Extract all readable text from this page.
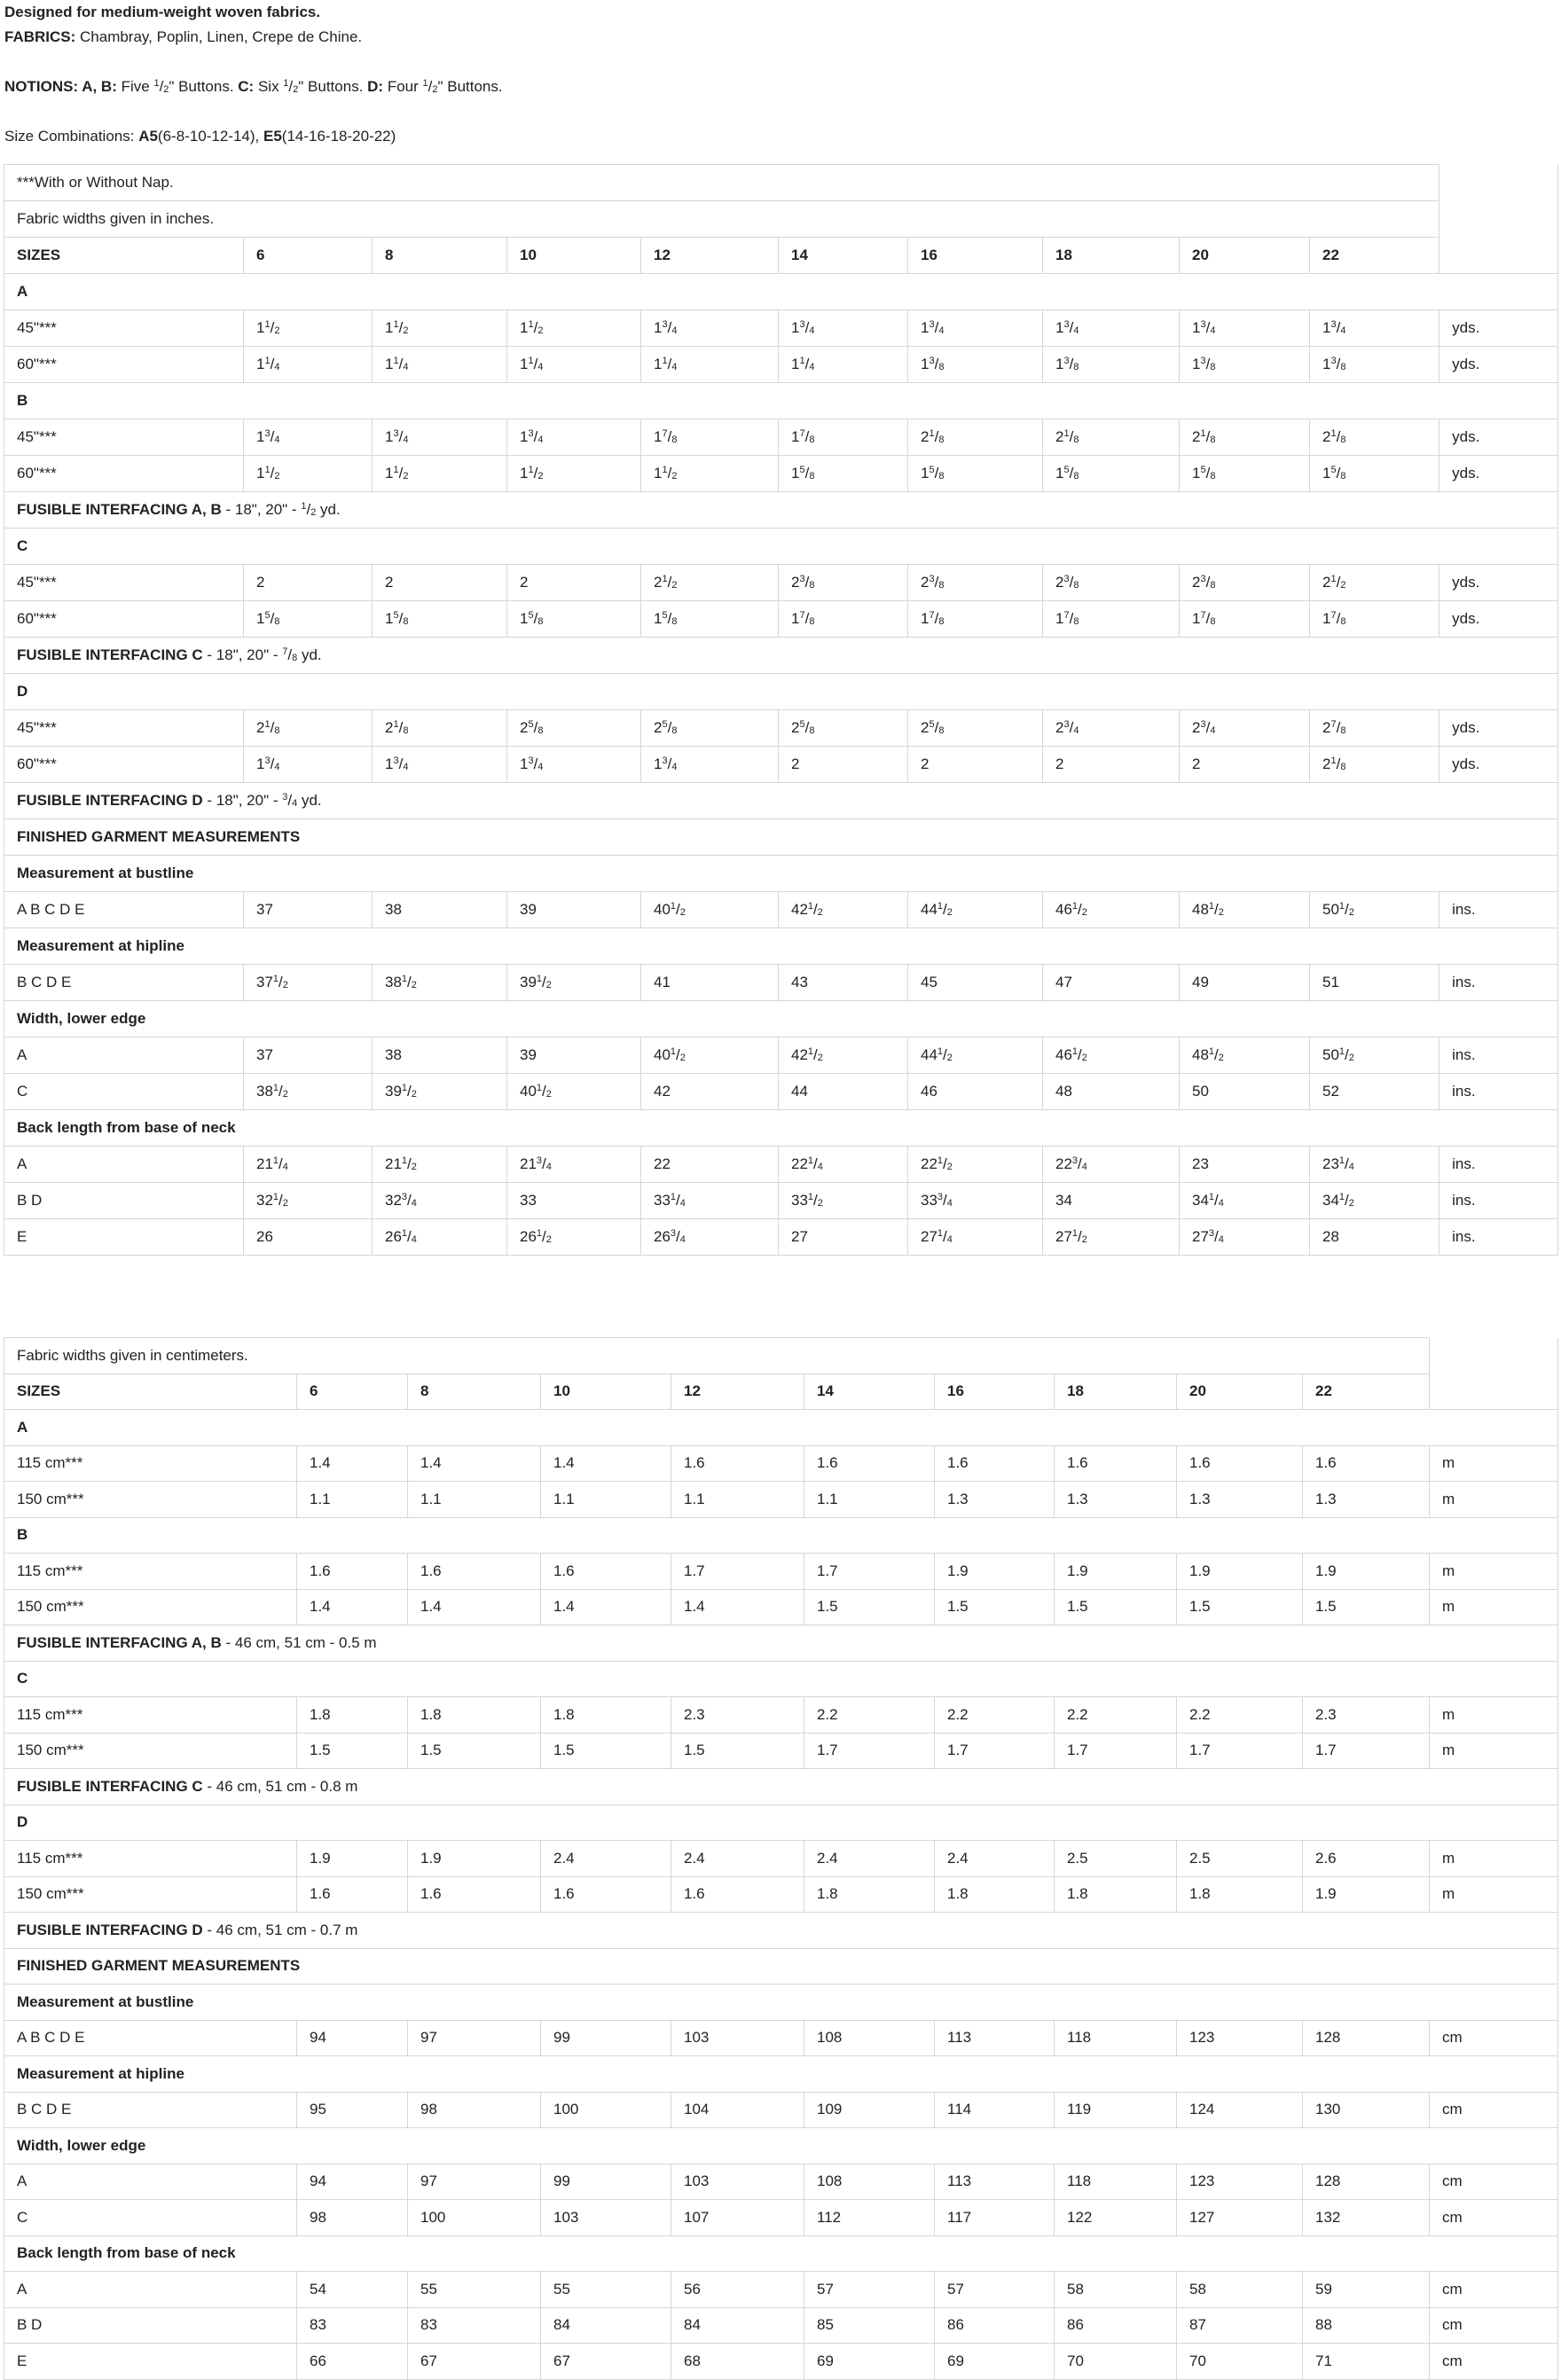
Designed for medium-weight woven fabrics.

FABRICS: Chambray, Poplin, Linen, Crepe de Chine.

NOTIONS: A, B: Five $^1/_2$" Buttons. C: Six $^1/_2$" Buttons. D: Four $^1/_2$" Buttons.

Size Combinations: A5(6-8-10-12-14), E5(14-16-18-20-22)

***With or Without Nap.										
Fabric widths given in inches.										
SIZES	6	8	10	12	14	16	18	20	22	
A										
45"***	$1^1/_2$	$1^1/_2$	$1^1/_2$	$1^3/_4$	$1^3/_4$	$1^3/_4$	$1^3/_4$	$1^3/_4$	$1^3/_4$	yds.
60"***	$1^1/_4$	$1^1/_4$	$1^1/_4$	$1^1/_4$	$1^1/_4$	$1^3/_8$	$1^3/_8$	$1^3/_8$	$1^3/_8$	yds.
B										
45"***	$1^3/_4$	$1^3/_4$	$1^3/_4$	$1^7/_8$	$1^7/_8$	$2^1/_8$	$2^1/_8$	$2^1/_8$	$2^1/_8$	yds.
60"***	$1^1/_2$	$1^1/_2$	$1^1/_2$	$1^1/_2$	$1^5/_8$	$1^5/_8$	$1^5/_8$	$1^5/_8$	$1^5/_8$	yds.
FUSIBLE INTERFACING A, B - 18", 20" - $^1/_2$ yd.										
C										
45"***	2	2	2	$2^1/_2$	$2^3/_8$	$2^3/_8$	$2^3/_8$	$2^3/_8$	$2^1/_2$	yds.
60"***	$1^5/_8$	$1^5/_8$	$1^5/_8$	$1^5/_8$	$1^7/_8$	$1^7/_8$	$1^7/_8$	$1^7/_8$	$1^7/_8$	yds.
FUSIBLE INTERFACING C - 18", 20" - $^7/_8$ yd.										
D										
45"***	$2^1/_8$	$2^1/_8$	$2^5/_8$	$2^5/_8$	$2^5/_8$	$2^5/_8$	$2^3/_4$	$2^3/_4$	$2^7/_8$	yds.
60"***	$1^3/_4$	$1^3/_4$	$1^3/_4$	$1^3/_4$	2	2	2	2	$2^1/_8$	yds.
FUSIBLE INTERFACING D - 18", 20" - $^3/_4$ yd.										
FINISHED GARMENT MEASUREMENTS										
Measurement at bustline										
A B C D E	37	38	39	$40^1/_2$	$42^1/_2$	$44^1/_2$	$46^1/_2$	$48^1/_2$	$50^1/_2$	ins.
Measurement at hipline										
B C D E	$37^1/_2$	$38^1/_2$	$39^1/_2$	41	43	45	47	49	51	ins.
Width, lower edge										
A	37	38	39	$40^1/_2$	$42^1/_2$	$44^1/_2$	$46^1/_2$	$48^1/_2$	$50^1/_2$	ins.
C	$38^1/_2$	$39^1/_2$	$40^1/_2$	42	44	46	48	50	52	ins.
Back length from base of neck										
A	$21^1/_4$	$21^1/_2$	$21^3/_4$	22	$22^1/_4$	$22^1/_2$	$22^3/_4$	23	$23^1/_4$	ins.
B D	$32^1/_2$	$32^3/_4$	33	$33^1/_4$	$33^1/_2$	$33^3/_4$	34	$34^1/_4$	$34^1/_2$	ins.
E	26	$26^1/_4$	$26^1/_2$	$26^3/_4$	27	$27^1/_4$	$27^1/_2$	$27^3/_4$	28	ins.
Fabric widths given in centimeters.										
SIZES	6	8	10	12	14	16	18	20	22	
A										
115 cm***	1.4	1.4	1.4	1.6	1.6	1.6	1.6	1.6	1.6	m
150 cm***	1.1	1.1	1.1	1.1	1.1	1.3	1.3	1.3	1.3	m
B										
115 cm***	1.6	1.6	1.6	1.7	1.7	1.9	1.9	1.9	1.9	m
150 cm***	1.4	1.4	1.4	1.4	1.5	1.5	1.5	1.5	1.5	m
FUSIBLE INTERFACING A, B - 46 cm, 51 cm - 0.5 m										
C										
115 cm***	1.8	1.8	1.8	2.3	2.2	2.2	2.2	2.2	2.3	m
150 cm***	1.5	1.5	1.5	1.5	1.7	1.7	1.7	1.7	1.7	m
FUSIBLE INTERFACING C - 46 cm, 51 cm - 0.8 m										
D										
115 cm***	1.9	1.9	2.4	2.4	2.4	2.4	2.5	2.5	2.6	m
150 cm***	1.6	1.6	1.6	1.6	1.8	1.8	1.8	1.8	1.9	m
FUSIBLE INTERFACING D - 46 cm, 51 cm - 0.7 m										
FINISHED GARMENT MEASUREMENTS										
Measurement at bustline										
A B C D E	94	97	99	103	108	113	118	123	128	cm
Measurement at hipline										
B C D E	95	98	100	104	109	114	119	124	130	cm
Width, lower edge										
A	94	97	99	103	108	113	118	123	128	cm
C	98	100	103	107	112	117	122	127	132	cm
Back length from base of neck										
A	54	55	55	56	57	57	58	58	59	cm
B D	83	83	84	84	85	86	86	87	88	cm
E	66	67	67	68	69	69	70	70	71	cm
